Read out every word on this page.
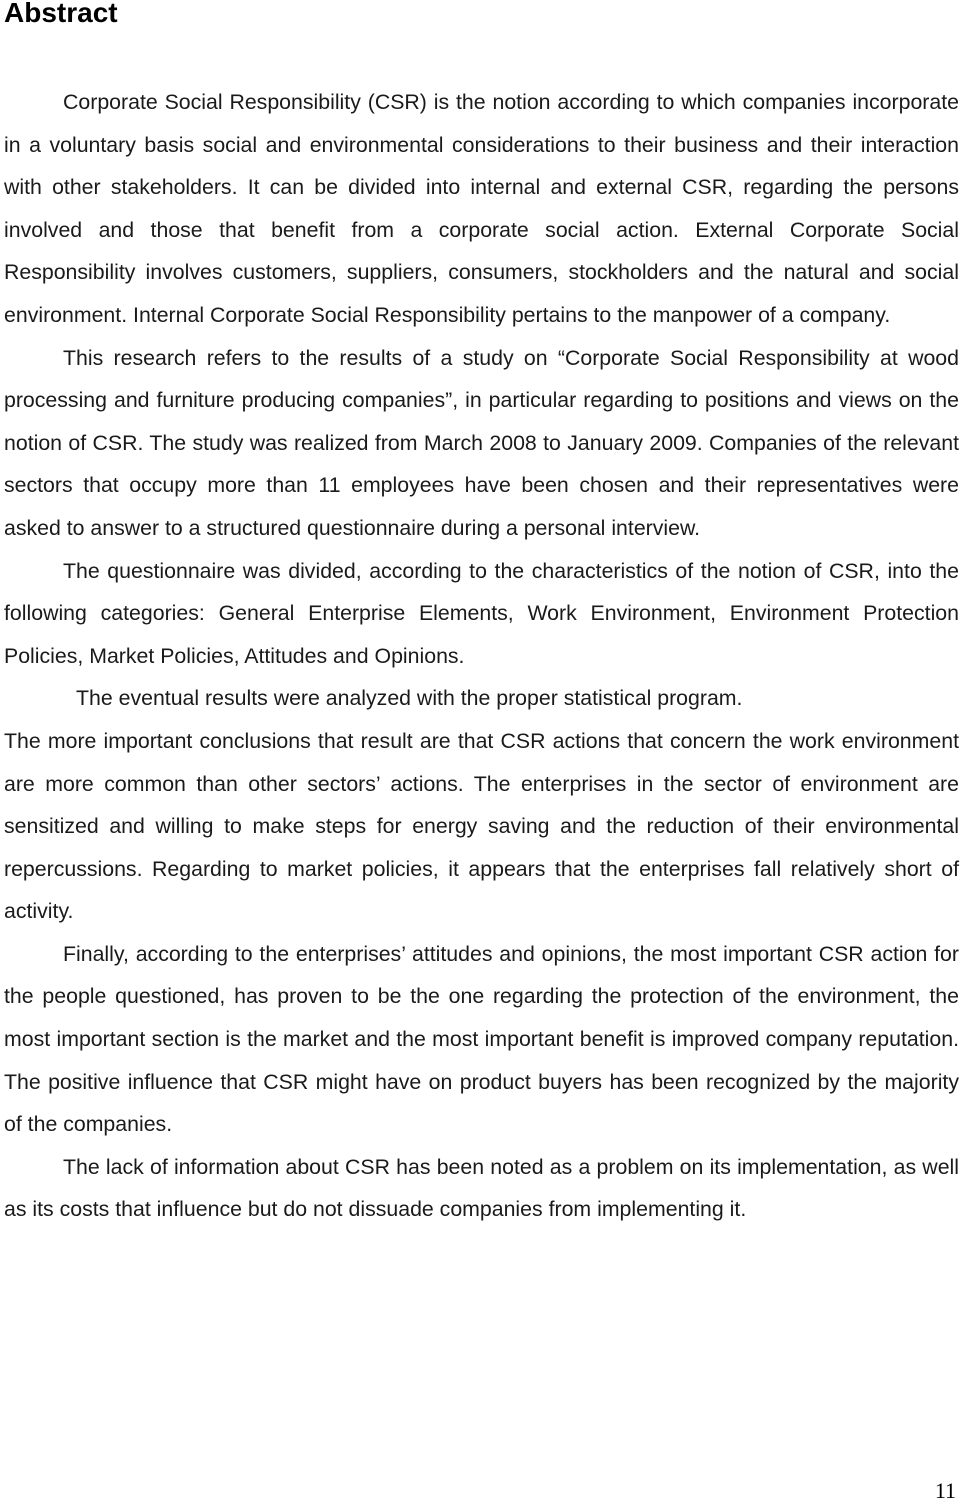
Abstract

Corporate Social Responsibility (CSR) is the notion according to which companies incorporate in a voluntary basis social and environmental considerations to their business and their interaction with other stakeholders. It can be divided into internal and external CSR, regarding the persons involved and those that benefit from a corporate social action. External Corporate Social Responsibility involves customers, suppliers, consumers, stockholders and the natural and social environment. Internal Corporate Social Responsibility pertains to the manpower of a company.

This research refers to the results of a study on “Corporate Social Responsibility at wood processing and furniture producing companies”, in particular regarding to positions and views on the notion of CSR. The study was realized from March 2008 to January 2009. Companies of the relevant sectors that occupy more than 11 employees have been chosen and their representatives were asked to answer to a structured questionnaire during a personal interview.

The questionnaire was divided, according to the characteristics of the notion of CSR, into the following categories: General Enterprise Elements, Work Environment, Environment Protection Policies, Market Policies, Attitudes and Opinions.

The eventual results were analyzed with the proper statistical program.

The more important conclusions that result are that CSR actions that concern the work environment are more common than other sectors’ actions. The enterprises in the sector of environment are sensitized and willing to make steps for energy saving and the reduction of their environmental repercussions. Regarding to market policies, it appears that the enterprises fall relatively short of activity.

Finally, according to the enterprises’ attitudes and opinions, the most important CSR action for the people questioned, has proven to be the one regarding the protection of the environment, the most important section is the market and the most important benefit is improved company reputation. The positive influence that CSR might have on product buyers has been recognized by the majority of the companies.

The lack of information about CSR has been noted as a problem on its implementation, as well as its costs that influence but do not dissuade companies from implementing it.

11
